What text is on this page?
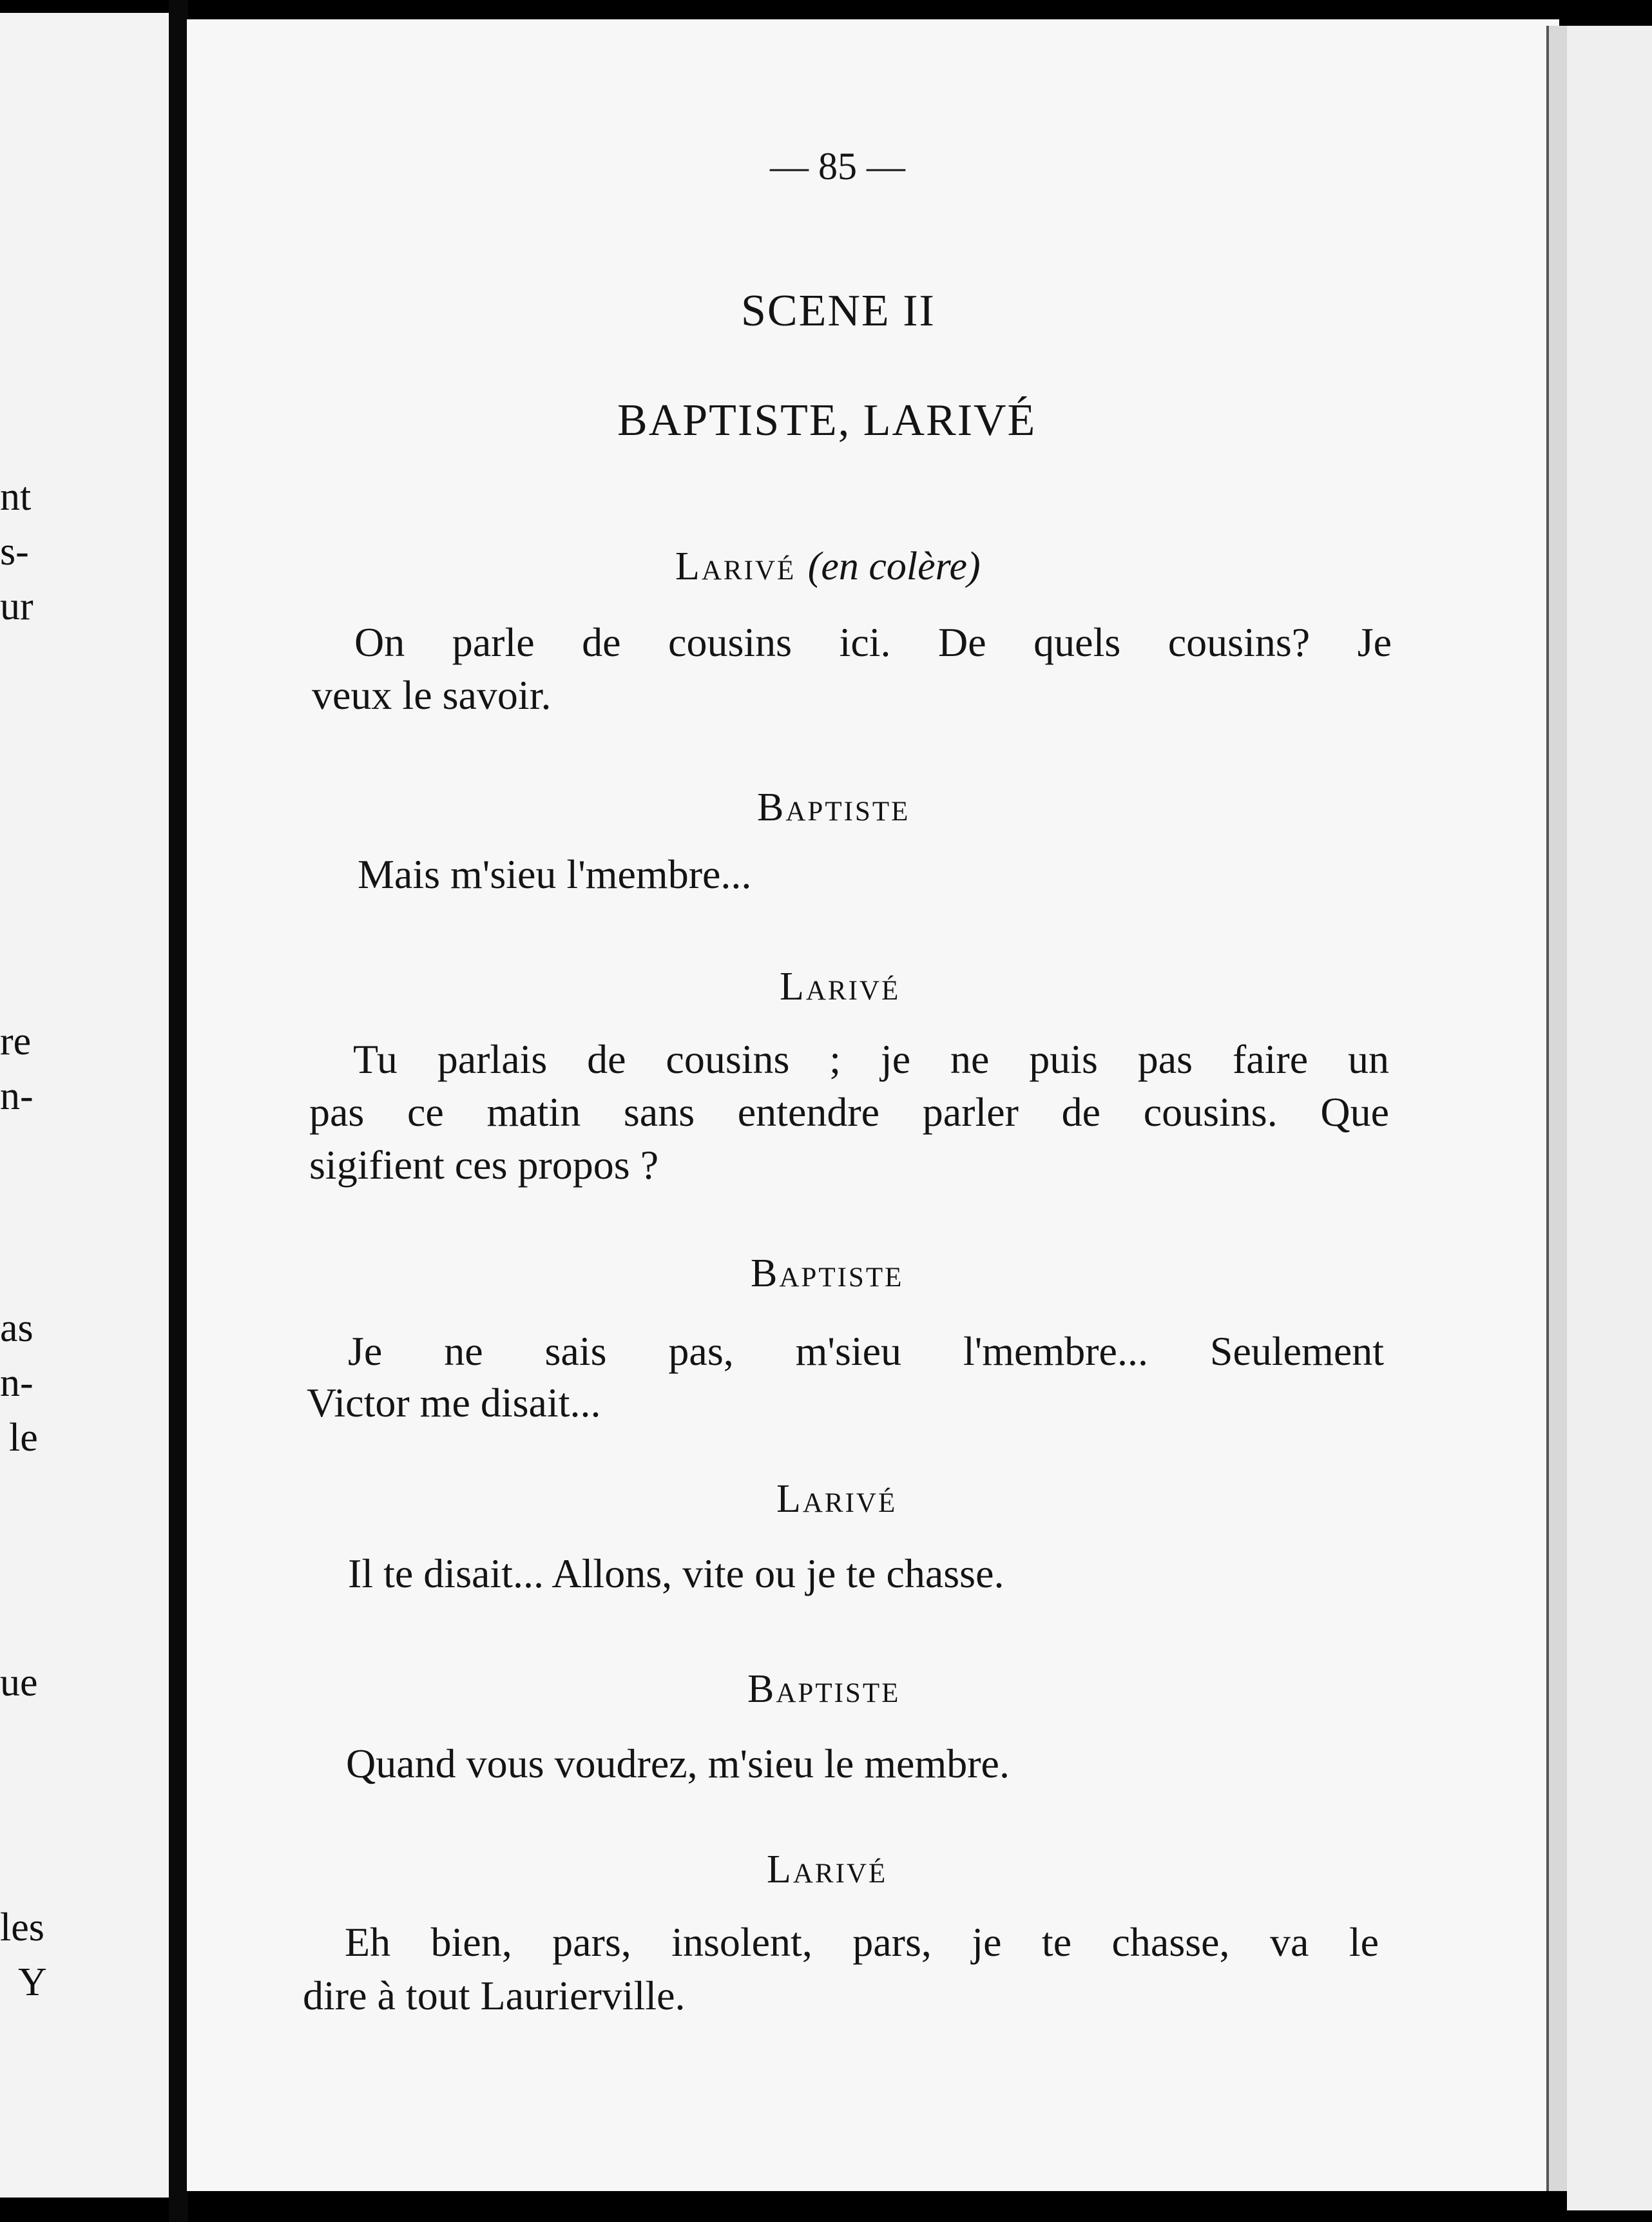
nt
s-
ur
re
n-
as
n-
le
ue
les
Y
— 85 —
SCENE II
BAPTISTE, LARIVÉ
Larivé (en colère)
On parle de cousins ici. De quels cousins? Je
veux le savoir.
Baptiste
Mais m'sieu l'membre...
Larivé
Tu parlais de cousins ; je ne puis pas faire un
pas ce matin sans entendre parler de cousins. Que
sigifient ces propos ?
Baptiste
Je ne sais pas, m'sieu l'membre... Seulement
Victor me disait...
Larivé
Il te disait... Allons, vite ou je te chasse.
Baptiste
Quand vous voudrez, m'sieu le membre.
Larivé
Eh bien, pars, insolent, pars, je te chasse, va le
dire à tout Laurierville.
